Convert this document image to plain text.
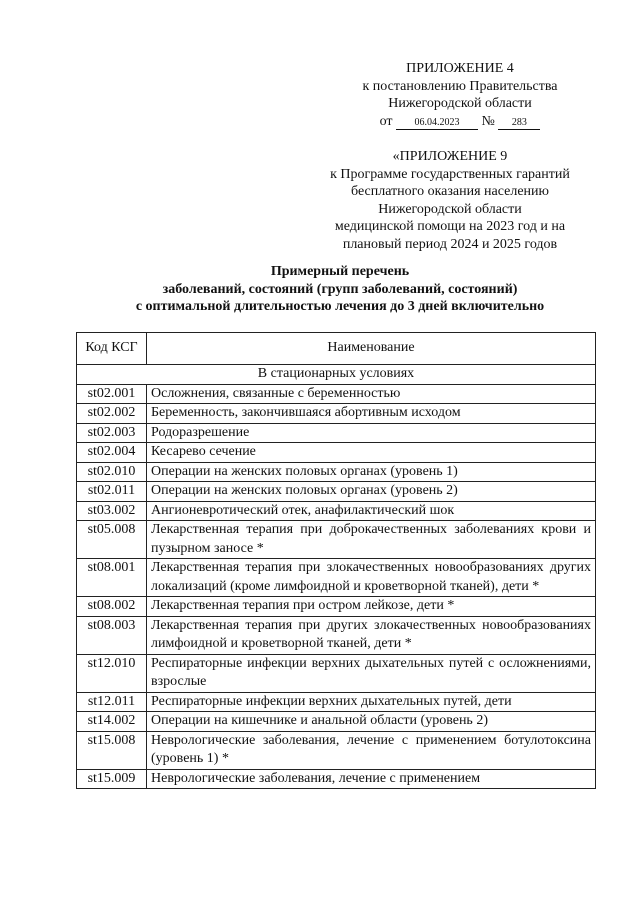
ПРИЛОЖЕНИЕ 4
к постановлению Правительства
Нижегородской области
от 06.04.2023 № 283
«ПРИЛОЖЕНИЕ 9
к Программе государственных гарантий
бесплатного оказания населению
Нижегородской области
медицинской помощи на 2023 год и на
плановый период 2024 и 2025 годов
Примерный перечень
заболеваний, состояний (групп заболеваний, состояний)
с оптимальной длительностью лечения до 3 дней включительно
Код КСГ	Наименование
В стационарных условиях	
st02.001	Осложнения, связанные с беременностью
st02.002	Беременность, закончившаяся абортивным исходом
st02.003	Родоразрешение
st02.004	Кесарево сечение
st02.010	Операции на женских половых органах (уровень 1)
st02.011	Операции на женских половых органах (уровень 2)
st03.002	Ангионевротический отек, анафилактический шок
st05.008	Лекарственная терапия при доброкачественных заболеваниях крови и пузырном заносе *
st08.001	Лекарственная терапия при злокачественных новообразованиях других локализаций (кроме лимфоидной и кроветворной тканей), дети *
st08.002	Лекарственная терапия при остром лейкозе, дети *
st08.003	Лекарственная терапия при других злокачественных новообразованиях лимфоидной и кроветворной тканей, дети *
st12.010	Респираторные инфекции верхних дыхательных путей с осложнениями, взрослые
st12.011	Респираторные инфекции верхних дыхательных путей, дети
st14.002	Операции на кишечнике и анальной области (уровень 2)
st15.008	Неврологические заболевания, лечение с применением ботулотоксина (уровень 1) *
st15.009	Неврологические заболевания, лечение с применением
